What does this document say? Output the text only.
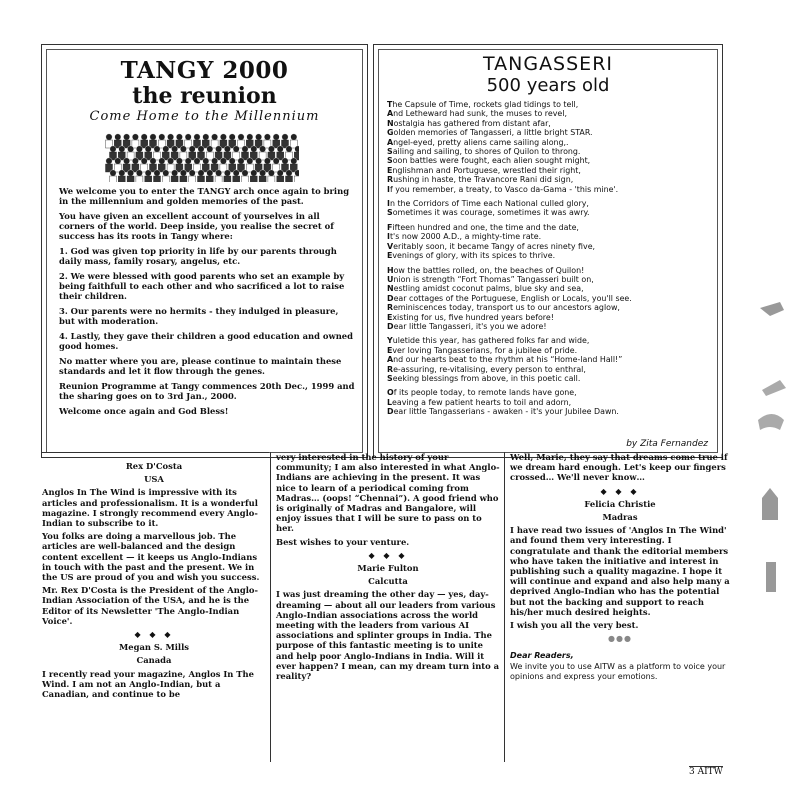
TANGY 2000
the reunion
Come Home to the Millennium

We welcome you to enter the TANGY arch once again to bring in the millennium and golden memories of the past.

You have given an excellent account of yourselves in all corners of the world. Deep inside, you realise the secret of success has its roots in Tangy where:

1. God was given top priority in life by our parents through daily mass, family rosary, angelus, etc.

2. We were blessed with good parents who set an example by being faithfull to each other and who sacrificed a lot to raise their children.

3. Our parents were no hermits - they indulged in pleasure, but with moderation.

4. Lastly, they gave their children a good education and owned good homes.

No matter where you are, please continue to maintain these standards and let it flow through the genes.

Reunion Programme at Tangy commences 20th Dec., 1999 and the sharing goes on to 3rd Jan., 2000.

Welcome once again and God Bless!

TANGASSERI
500 years old
The Capsule of Time, rockets glad tidings to tell,
And Letheward had sunk, the muses to revel,
Nostalgia has gathered from distant afar,
Golden memories of Tangasseri, a little bright STAR.
Angel-eyed, pretty aliens came sailing along,.
Sailing and sailing, to shores of Quilon to throng.
Soon battles were fought, each alien sought might,
Englishman and Portuguese, wrestled their right,
Rushing in haste, the Travancore Rani did sign,
If you remember, a treaty, to Vasco da-Gama - 'this mine'.
In the Corridors of Time each National culled glory,
Sometimes it was courage, sometimes it was awry.
Fifteen hundred and one, the time and the date,
It's now 2000 A.D., a mighty-time rate.
Veritably soon, it became Tangy of acres ninety five,
Evenings of glory, with its spices to thrive.
How the battles rolled, on, the beaches of Quilon!
Union is strength “Fort Thomas” Tangasseri built on,
Nestling amidst coconut palms, blue sky and sea,
Dear cottages of the Portuguese, English or Locals, you'll see.
Reminiscences today, transport us to our ancestors aglow,
Existing for us, five hundred years before!
Dear little Tangasseri, it's you we adore!
Yuletide this year, has gathered folks far and wide,
Ever loving Tangasserians, for a jubilee of pride.
And our hearts beat to the rhythm at his “Home-land Hall!”
Re-assuring, re-vitalising, every person to enthral,
Seeking blessings from above, in this poetic call.
Of its people today, to remote lands have gone,
Leaving a few patient hearts to toil and adorn,
Dear little Tangasserians - awaken - it's your Jubilee Dawn.
by Zita Fernandez

Rex D'Costa

USA

Anglos In The Wind is impressive with its articles and professionalism. It is a wonderful magazine. I strongly recommend every Anglo-Indian to subscribe to it.

You folks are doing a marvellous job. The articles are well-balanced and the design content excellent — it keeps us Anglo-Indians in touch with the past and the present. We in the US are proud of you and wish you success.

Mr. Rex D'Costa is the President of the Anglo-Indian Association of the USA, and he is the Editor of its Newsletter 'The Anglo-Indian Voice'.

◆ ◆ ◆

Megan S. Mills

Canada

I recently read your magazine, Anglos In The Wind. I am not an Anglo-Indian, but a Canadian, and continue to be

very interested in the history of your community; I am also interested in what Anglo-Indians are achieving in the present. It was nice to learn of a periodical coming from Madras… (oops! “Chennai”). A good friend who is originally of Madras and Bangalore, will enjoy issues that I will be sure to pass on to her.

Best wishes to your venture.

◆ ◆ ◆

Marie Fulton

Calcutta

I was just dreaming the other day — yes, day-dreaming — about all our leaders from various Anglo-Indian associations across the world meeting with the leaders from various AI associations and splinter groups in India. The purpose of this fantastic meeting is to unite and help poor Anglo-Indians in India. Will it ever happen? I mean, can my dream turn into a reality?

Well, Marie, they say that dreams come true if we dream hard enough. Let's keep our fingers crossed… We'll never know…

◆ ◆ ◆

Felicia Christie

Madras

I have read two issues of 'Anglos In The Wind' and found them very interesting. I congratulate and thank the editorial members who have taken the initiative and interest in publishing such a quality magazine. I hope it will continue and expand and also help many a deprived Anglo-Indian who has the potential but not the backing and support to reach his/her much desired heights.

I wish you all the very best.

●●●
Dear Readers,
We invite you to use AITW as a platform to voice your opinions and express your emotions.
3 AITW
